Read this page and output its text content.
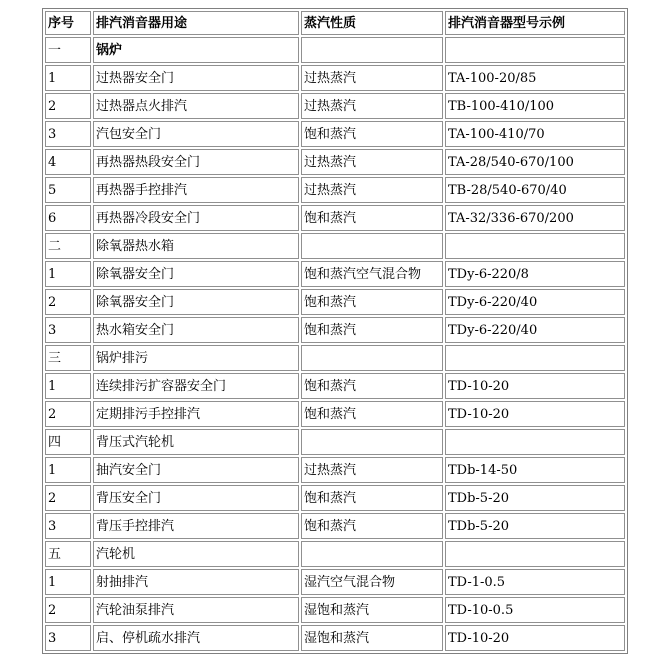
序号	排汽消音器用途	蒸汽性质	排汽消音器型号示例
一	锅炉		
1	过热器安全门	过热蒸汽	TA-100-20/85
2	过热器点火排汽	过热蒸汽	TB-100-410/100
3	汽包安全门	饱和蒸汽	TA-100-410/70
4	再热器热段安全门	过热蒸汽	TA-28/540-670/100
5	再热器手控排汽	过热蒸汽	TB-28/540-670/40
6	再热器冷段安全门	饱和蒸汽	TA-32/336-670/200
二	除氧器热水箱		
1	除氧器安全门	饱和蒸汽空气混合物	TDy-6-220/8
2	除氧器安全门	饱和蒸汽	TDy-6-220/40
3	热水箱安全门	饱和蒸汽	TDy-6-220/40
三	锅炉排污		
1	连续排污扩容器安全门	饱和蒸汽	TD-10-20
2	定期排污手控排汽	饱和蒸汽	TD-10-20
四	背压式汽轮机		
1	抽汽安全门	过热蒸汽	TDb-14-50
2	背压安全门	饱和蒸汽	TDb-5-20
3	背压手控排汽	饱和蒸汽	TDb-5-20
五	汽轮机		
1	射抽排汽	湿汽空气混合物	TD-1-0.5
2	汽轮油泵排汽	湿饱和蒸汽	TD-10-0.5
3	启、停机疏水排汽	湿饱和蒸汽	TD-10-20
